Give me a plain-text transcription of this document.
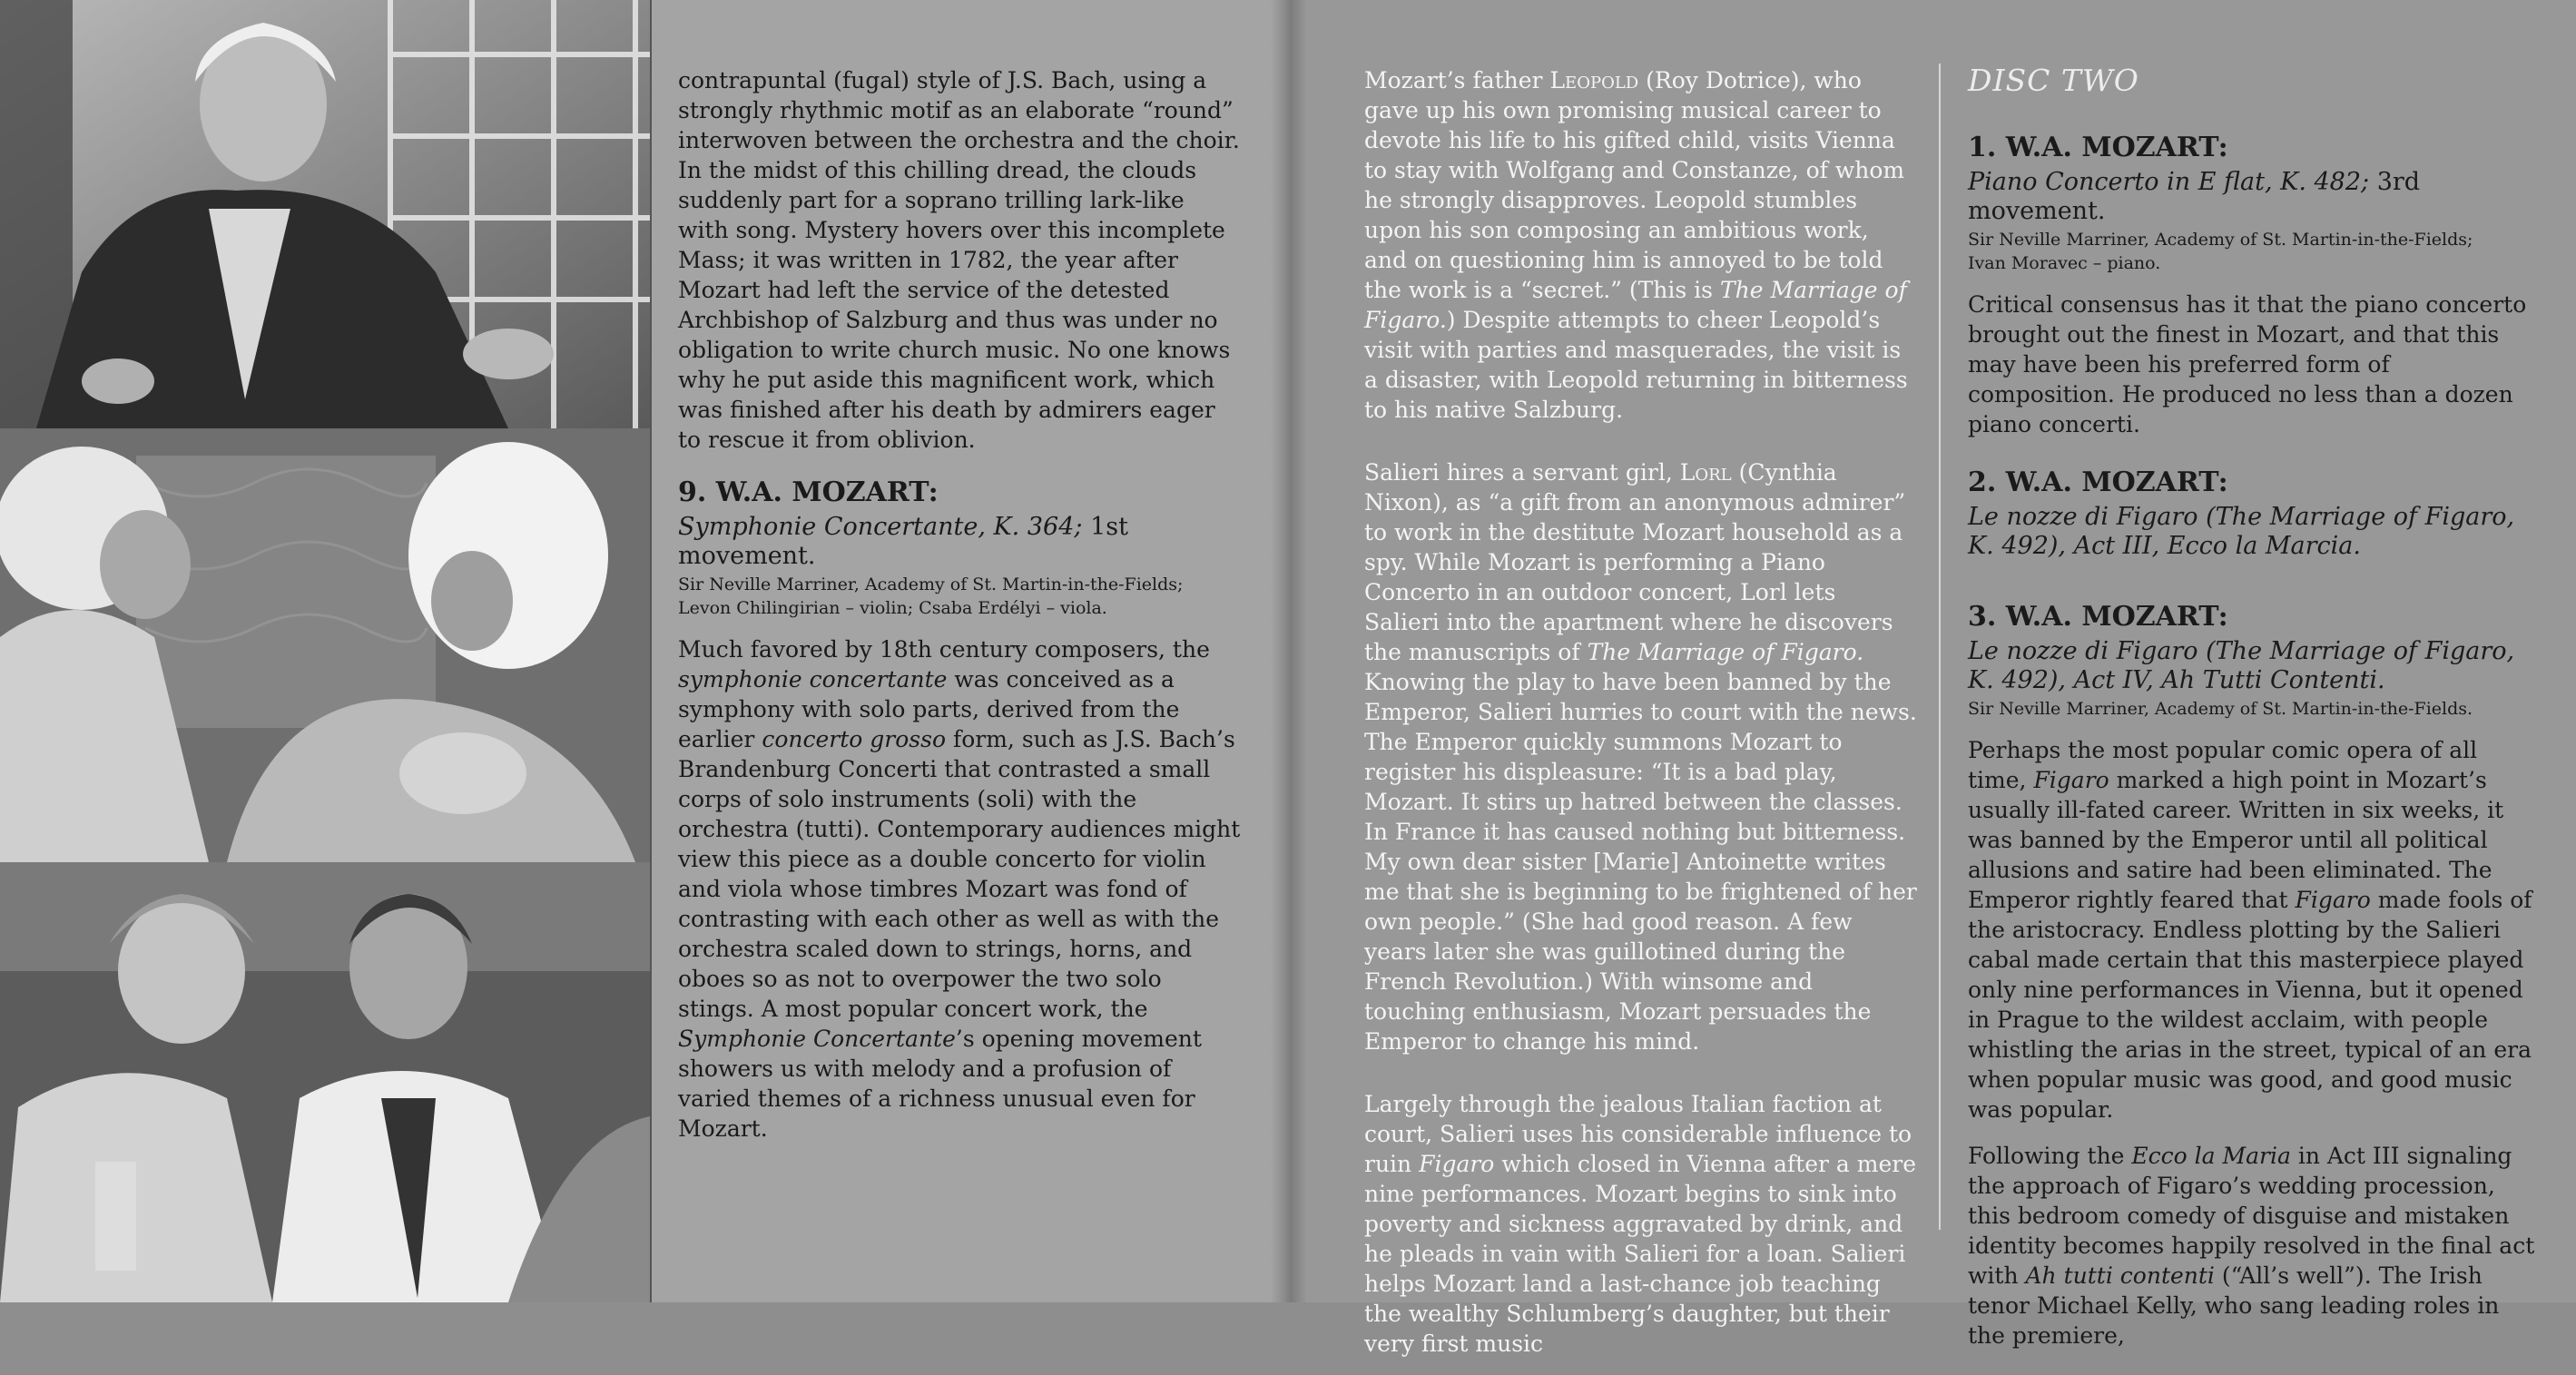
contrapuntal (fugal) style of J.S. Bach, using a strongly rhythmic motif as an elaborate “round” interwoven between the orchestra and the choir. In the midst of this chilling dread, the clouds suddenly part for a soprano trilling lark-like with song. Mystery hovers over this incomplete Mass; it was written in 1782, the year after Mozart had left the service of the detested Archbishop of Salzburg and thus was under no obligation to write church music. No one knows why he put aside this magnificent work, which was finished after his death by admirers eager to rescue it from oblivion.

9. W.A. MOZART:
Symphonie Concertante, K. 364; 1st movement.
Sir Neville Marriner, Academy of St. Martin-in-the-Fields;
Levon Chilingirian – violin; Csaba Erdélyi – viola.

Much favored by 18th century composers, the symphonie concertante was conceived as a symphony with solo parts, derived from the earlier concerto grosso form, such as J.S. Bach’s Brandenburg Concerti that contrasted a small corps of solo instruments (soli) with the orchestra (tutti). Contemporary audiences might view this piece as a double concerto for violin and viola whose timbres Mozart was fond of contrasting with each other as well as with the orchestra scaled down to strings, horns, and oboes so as not to overpower the two solo stings. A most popular concert work, the Symphonie Concertante’s opening movement showers us with melody and a profusion of varied themes of a richness unusual even for Mozart.

Mozart’s father Leopold (Roy Dotrice), who gave up his own promising musical career to devote his life to his gifted child, visits Vienna to stay with Wolfgang and Constanze, of whom he strongly disapproves. Leopold stumbles upon his son composing an ambitious work, and on questioning him is annoyed to be told the work is a “secret.” (This is The Marriage of Figaro.) Despite attempts to cheer Leopold’s visit with parties and masquerades, the visit is a disaster, with Leopold returning in bitterness to his native Salzburg.

Salieri hires a servant girl, Lorl (Cynthia Nixon), as “a gift from an anonymous admirer” to work in the destitute Mozart household as a spy. While Mozart is performing a Piano Concerto in an outdoor concert, Lorl lets Salieri into the apartment where he discovers the manuscripts of The Marriage of Figaro. Knowing the play to have been banned by the Emperor, Salieri hurries to court with the news. The Emperor quickly summons Mozart to register his displeasure: “It is a bad play, Mozart. It stirs up hatred between the classes. In France it has caused nothing but bitterness. My own dear sister [Marie] Antoinette writes me that she is beginning to be frightened of her own people.” (She had good reason. A few years later she was guillotined during the French Revolution.) With winsome and touching enthusiasm, Mozart persuades the Emperor to change his mind.

Largely through the jealous Italian faction at court, Salieri uses his considerable influence to ruin Figaro which closed in Vienna after a mere nine performances. Mozart begins to sink into poverty and sickness aggravated by drink, and he pleads in vain with Salieri for a loan. Salieri helps Mozart land a last-chance job teaching the wealthy Schlumberg’s daughter, but their very first music

DISC TWO
1. W.A. MOZART:
Piano Concerto in E flat, K. 482; 3rd movement.
Sir Neville Marriner, Academy of St. Martin-in-the-Fields;
Ivan Moravec – piano.

Critical consensus has it that the piano concerto brought out the finest in Mozart, and that this may have been his preferred form of composition. He produced no less than a dozen piano concerti.

2. W.A. MOZART:
Le nozze di Figaro (The Marriage of Figaro, K. 492), Act III, Ecco la Marcia.
3. W.A. MOZART:
Le nozze di Figaro (The Marriage of Figaro, K. 492), Act IV, Ah Tutti Contenti.
Sir Neville Marriner, Academy of St. Martin-in-the-Fields.

Perhaps the most popular comic opera of all time, Figaro marked a high point in Mozart’s usually ill-fated career. Written in six weeks, it was banned by the Emperor until all political allusions and satire had been eliminated. The Emperor rightly feared that Figaro made fools of the aristocracy. Endless plotting by the Salieri cabal made certain that this masterpiece played only nine performances in Vienna, but it opened in Prague to the wildest acclaim, with people whistling the arias in the street, typical of an era when popular music was good, and good music was popular.

Following the Ecco la Maria in Act III signaling the approach of Figaro’s wedding procession, this bedroom comedy of disguise and mistaken identity becomes happily resolved in the final act with Ah tutti contenti (“All’s well”). The Irish tenor Michael Kelly, who sang leading roles in the premiere,
